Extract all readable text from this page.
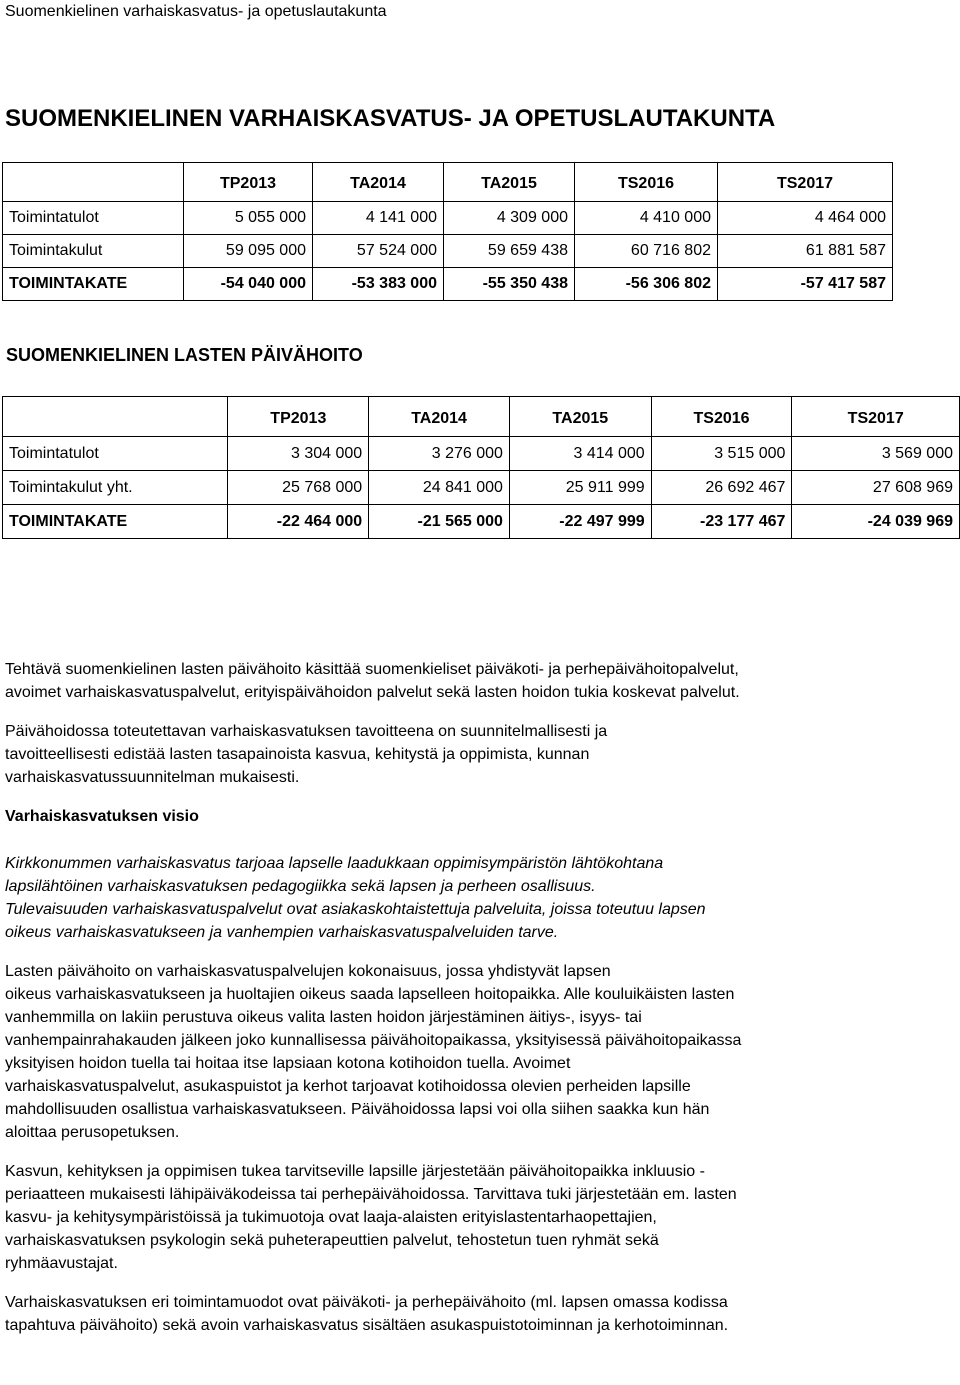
Suomenkielinen varhaiskasvatus- ja opetuslautakunta
SUOMENKIELINEN VARHAISKASVATUS- JA OPETUSLAUTAKUNTA
	TP2013	TA2014	TA2015	TS2016	TS2017
Toimintatulot	5 055 000	4 141 000	4 309 000	4 410 000	4 464 000
Toimintakulut	59 095 000	57 524 000	59 659 438	60 716 802	61 881 587
TOIMINTAKATE	-54 040 000	-53 383 000	-55 350 438	-56 306 802	-57 417 587
SUOMENKIELINEN LASTEN PÄIVÄHOITO
	TP2013	TA2014	TA2015	TS2016	TS2017
Toimintatulot	3 304 000	3 276 000	3 414 000	3 515 000	3 569 000
Toimintakulut yht.	25 768 000	24 841 000	25 911 999	26 692 467	27 608 969
TOIMINTAKATE	-22 464 000	-21 565 000	-22 497 999	-23 177 467	-24 039 969

Tehtävä suomenkielinen lasten päivähoito käsittää suomenkieliset päiväkoti- ja perhepäivähoitopalvelut,
avoimet varhaiskasvatuspalvelut, erityispäivähoidon palvelut sekä lasten hoidon tukia koskevat palvelut.

Päivähoidossa toteutettavan varhaiskasvatuksen tavoitteena on suunnitelmallisesti ja
tavoitteellisesti edistää lasten tasapainoista kasvua, kehitystä ja oppimista, kunnan
varhaiskasvatussuunnitelman mukaisesti.

Varhaiskasvatuksen visio

Kirkkonummen varhaiskasvatus tarjoaa lapselle laadukkaan oppimisympäristön lähtökohtana
lapsilähtöinen varhaiskasvatuksen pedagogiikka sekä lapsen ja perheen osallisuus.
Tulevaisuuden varhaiskasvatuspalvelut ovat asiakaskohtaistettuja palveluita, joissa toteutuu lapsen
oikeus varhaiskasvatukseen ja vanhempien varhaiskasvatuspalveluiden tarve.

Lasten päivähoito on varhaiskasvatuspalvelujen kokonaisuus, jossa yhdistyvät lapsen
oikeus varhaiskasvatukseen ja huoltajien oikeus saada lapselleen hoitopaikka. Alle kouluikäisten lasten
vanhemmilla on lakiin perustuva oikeus valita lasten hoidon järjestäminen äitiys-, isyys- tai
vanhempainrahakauden jälkeen joko kunnallisessa päivähoitopaikassa, yksityisessä päivähoitopaikassa
yksityisen hoidon tuella tai hoitaa itse lapsiaan kotona kotihoidon tuella. Avoimet
varhaiskasvatuspalvelut, asukaspuistot ja kerhot tarjoavat kotihoidossa olevien perheiden lapsille
mahdollisuuden osallistua varhaiskasvatukseen. Päivähoidossa lapsi voi olla siihen saakka kun hän
aloittaa perusopetuksen.

Kasvun, kehityksen ja oppimisen tukea tarvitseville lapsille järjestetään päivähoitopaikka inkluusio -
periaatteen mukaisesti lähipäiväkodeissa tai perhepäivähoidossa. Tarvittava tuki järjestetään em. lasten
kasvu- ja kehitysympäristöissä ja tukimuotoja ovat laaja-alaisten erityislastentarhaopettajien,
varhaiskasvatuksen psykologin sekä puheterapeuttien palvelut, tehostetun tuen ryhmät sekä
ryhmäavustajat.

Varhaiskasvatuksen eri toimintamuodot ovat päiväkoti- ja perhepäivähoito (ml. lapsen omassa kodissa
tapahtuva päivähoito) sekä avoin varhaiskasvatus sisältäen asukaspuistotoiminnan ja kerhotoiminnan.
